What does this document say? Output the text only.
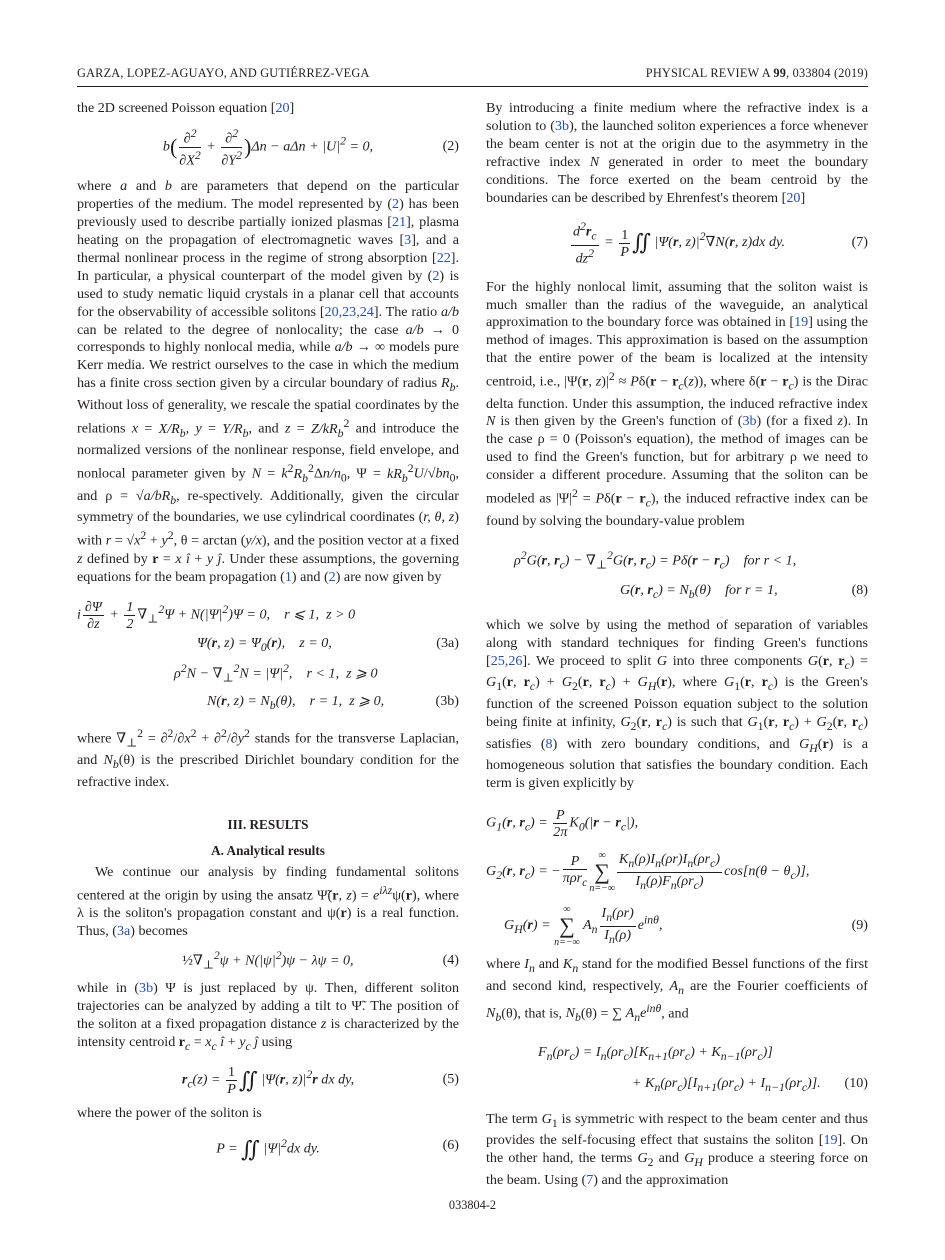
GARZA, LOPEZ-AGUAYO, AND GUTIÉRREZ-VEGA	PHYSICAL REVIEW A 99, 033804 (2019)

the 2D screened Poisson equation [20]

$b( \frac{\partial^2}{\partial X^2} + \frac{\partial^2}{\partial Y^2} )\Delta n - a\Delta n + |U|^2 = 0$,	(2)

where a and b are parameters that depend on the particular properties of the medium. The model represented by (2) has been previously used to describe partially ionized plasmas [21], plasma heating on the propagation of electromagnetic waves [3], and a thermal nonlinear process in the regime of strong absorption [22]. In particular, a physical counterpart of the model given by (2) is used to study nematic liquid crystals in a planar cell that accounts for the observability of accessible solitons [20,23,24]. The ratio a/b can be related to the degree of nonlocality; the case a/b → 0 corresponds to highly nonlocal media, while a/b → ∞ models pure Kerr media. We restrict ourselves to the case in which the medium has a finite cross section given by a circular boundary of radius $R_b$. Without loss of generality, we rescale the spatial coordinates by the relations $x = X/R_b$, $y = Y/R_b$, and $z = Z/kR_b^2$ and introduce the normalized versions of the nonlinear response, field envelope, and nonlocal parameter given by $N = k^2R_b^2\Delta n/n_0$, $\Psi = kR_b^2U/√bn_0$, and $\rho = √a/bR_b$, re-spectively. Additionally, given the circular symmetry of the boundaries, we use cylindrical coordinates (r, θ, z) with $r = √x^2 + y^2$, θ = arctan (y/x), and the position vector at a fixed z defined by r = x î + y ĵ. Under these assumptions, the governing equations for the beam propagation (1) and (2) are now given by

i $\frac{\partial\Psi}{\partial z} + \frac{1}{2} \nabla_\perp^2\Psi + N(|\Psi|^2)\Psi = 0$,    r ⩽ 1,  z > 0
Ψ(r, $z) = \Psi_0(r)$,    z = 0,	(3a)
$\rho^2N - \nabla_\perp^2N = |\Psi|^2$,    r < 1,  z ⩾ 0
N(r, $z) = N_b(\theta)$,    r = 1,  z ⩾ 0,	(3b)

where $\nabla_\perp^2 = \partial^2/\partial x^2 + \partial^2/\partial y^2$ stands for the transverse Laplacian, and $N_b(\theta)$ is the prescribed Dirichlet boundary condition for the refractive index.

III. RESULTS

A. Analytical results

We continue our analysis by finding fundamental solitons centered at the origin by using the ansatz Ψ̃(r, $z) = e^{i\lambda z}\psi(r)$, where λ is the soliton's propagation constant and ψ(r) is a real function. Thus, (3a) becomes

$\frac{1}{2}\nabla_\perp^2\psi + N(|\psi|^2)\psi - \lambda\psi = 0$,	(4)

while in (3b) Ψ is just replaced by ψ. Then, different soliton trajectories can be analyzed by adding a tilt to Ψ̃. The position of the soliton at a fixed propagation distance z is characterized by the intensity centroid $r_c = x_c$ î + $y_c$ ĵ using

$r_c(z) = \frac{1}{P}$ ∬ |Ψ(r, $z)|^2r$ dx dy,	(5)

where the power of the soliton is

P = ∬ $|\Psi|^2dx$ dy.	(6)

By introducing a finite medium where the refractive index is a solution to (3b), the launched soliton experiences a force whenever the beam center is not at the origin due to the asymmetry in the refractive index N generated in order to meet the boundary conditions. The force exerted on the beam centroid by the boundaries can be described by Ehrenfest's theorem [20]

$\frac{d^2r_c}{dz^2} = \frac{1}{P}$ ∬ |Ψ(r, $z)|^2\nabla N(r$, z)dx dy.	(7)

For the highly nonlocal limit, assuming that the soliton waist is much smaller than the radius of the waveguide, an analytical approximation to the boundary force was obtained in [19] using the method of images. This approximation is based on the assumption that the entire power of the beam is localized at the intensity centroid, i.e., |Ψ(r, $z)|^2 \approx P\delta(r - r_c(z))$, where $\delta(r - r_c)$ is the Dirac delta function. Under this assumption, the induced refractive index N is then given by the Green's function of (3b) (for a fixed z). In the case ρ = 0 (Poisson's equation), the method of images can be used to find the Green's function, but for arbitrary ρ we need to consider a different procedure. Assuming that the soliton can be modeled as $|\Psi|^2 = P\delta(r - r_c)$, the induced refractive index can be found by solving the boundary-value problem

$\rho^2G(r$, $r_c) - \nabla_\perp^2G(r$, $r_c) = P\delta(r - r_c)$    for r < 1,
G(r, $r_c) = N_b(\theta)$    for r = 1,	(8)

which we solve by using the method of separation of variables along with standard techniques for finding Green's functions [25,26]. We proceed to split G into three components G(r, $r_c) = G_1(r$, $r_c) + G_2(r$, $r_c) + G_H(r)$, where $G_1(r$, $r_c$) is the Green's function of the screened Poisson equation subject to the solution being finite at infinity, $G_2(r$, $r_c$) is such that $G_1(r$, $r_c) + G_2(r$, $r_c$) satisfies (8) with zero boundary conditions, and $G_H(r)$ is a homogeneous solution that satisfies the boundary condition. Each term is given explicitly by

$G_1(r$, $r_c) = \frac{P}{2\pi} K_0(|r - r_c|)$,
$G_2(r$, $r_c$) = − $\frac{P}{\pi\rho r_c}$ ∞
∑
$n=-\infty \frac{K_n(\rho)I_n(\rho r)I_n(\rho r_c)}{I_n(\rho)F_n(\rho r_c)} \cos[n(\theta - \theta_c)]$,
$G_H(r)$ = ∞
∑
n=−∞ $A_n \frac{I_n(\rho r)}{I_n(\rho)} e^{in\theta}$,	(9)

where $I_n$ and $K_n$ stand for the modified Bessel functions of the first and second kind, respectively, $A_n$ are the Fourier coefficients of $N_b(\theta)$, that is, $N_b(\theta)$ = ∑ $A_ne^{in\theta}$, and

$F_n(\rho r_c) = I_n(\rho r_c)[K_{n+1}(\rho r_c) + K_{n-1}(\rho r_c)]$
+ $K_n(\rho r_c)[I_{n+1}(\rho r_c) + I_{n-1}(\rho r_c)]$. (10)

The term $G_1$ is symmetric with respect to the beam center and thus provides the self-focusing effect that sustains the soliton [19]. On the other hand, the terms $G_2$ and $G_H$ produce a steering force on the beam. Using (7) and the approximation

033804-2
